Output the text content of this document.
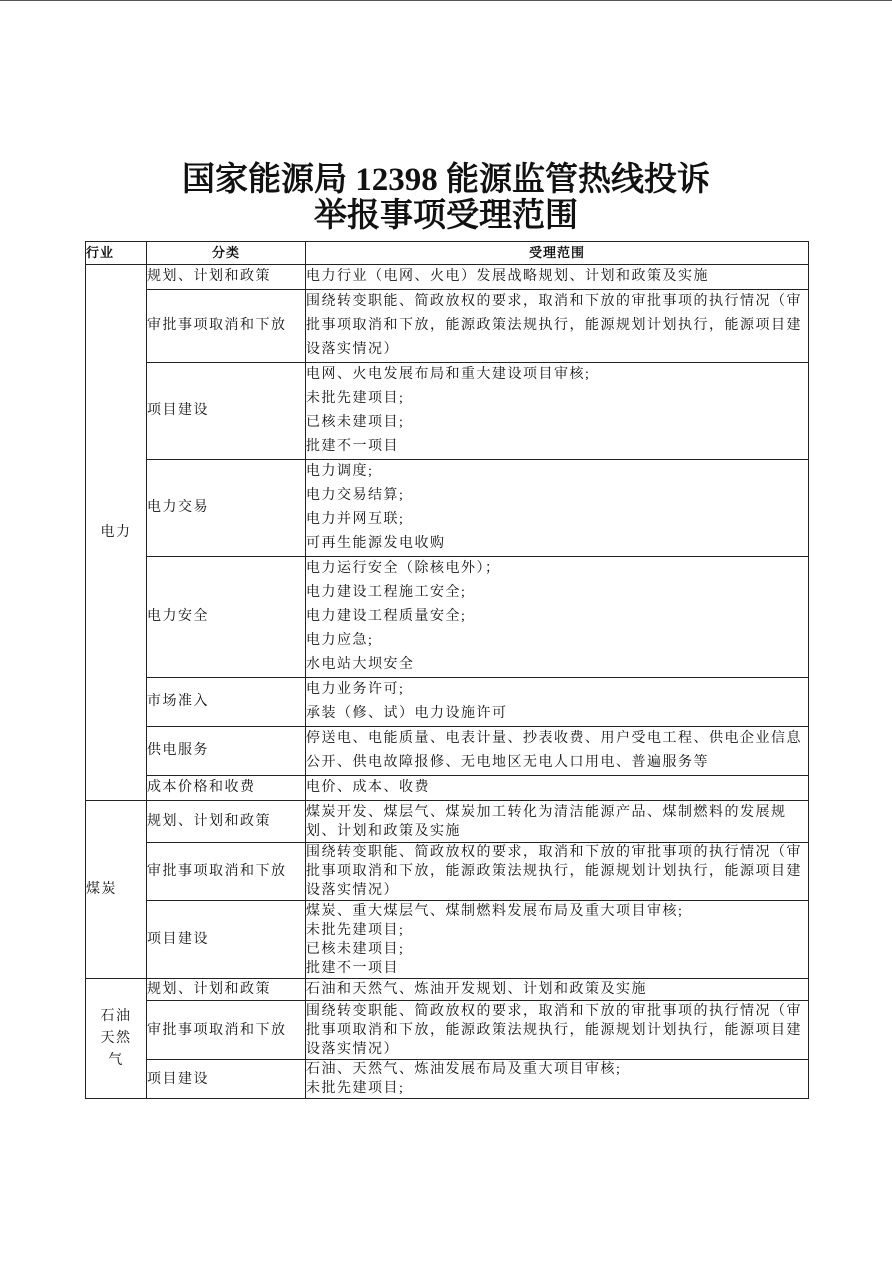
国家能源局 12398 能源监管热线投诉
举报事项受理范围
行业	分类	受理范围

电力	规划、计划和政策	电力行业（电网、火电）发展战略规划、计划和政策及实施

	审批事项取消和下放	围绕转变职能、简政放权的要求，取消和下放的审批事项的执行情况（审批事项取消和下放，能源政策法规执行，能源规划计划执行，能源项目建设落实情况）

	项目建设	电网、火电发展布局和重大建设项目审核;
未批先建项目;
已核未建项目;
批建不一项目

	电力交易	电力调度;
电力交易结算;
电力并网互联;
可再生能源发电收购

	电力安全	电力运行安全（除核电外）；
电力建设工程施工安全;
电力建设工程质量安全;
电力应急;
水电站大坝安全

	市场准入	电力业务许可;
承装（修、试）电力设施许可

	供电服务	停送电、电能质量、电表计量、抄表收费、用户受电工程、供电企业信息公开、供电故障报修、无电地区无电人口用电、普遍服务等

	成本价格和收费	电价、成本、收费

煤炭	规划、计划和政策	煤炭开发、煤层气、煤炭加工转化为清洁能源产品、煤制燃料的发展规划、计划和政策及实施

	审批事项取消和下放	围绕转变职能、简政放权的要求，取消和下放的审批事项的执行情况（审批事项取消和下放，能源政策法规执行，能源规划计划执行，能源项目建设落实情况）

	项目建设	煤炭、重大煤层气、煤制燃料发展布局及重大项目审核;
未批先建项目;
已核未建项目;
批建不一项目

石油天然气	规划、计划和政策	石油和天然气、炼油开发规划、计划和政策及实施

	审批事项取消和下放	围绕转变职能、简政放权的要求，取消和下放的审批事项的执行情况（审批事项取消和下放，能源政策法规执行，能源规划计划执行，能源项目建设落实情况）

	项目建设	石油、天然气、炼油发展布局及重大项目审核;
未批先建项目;
